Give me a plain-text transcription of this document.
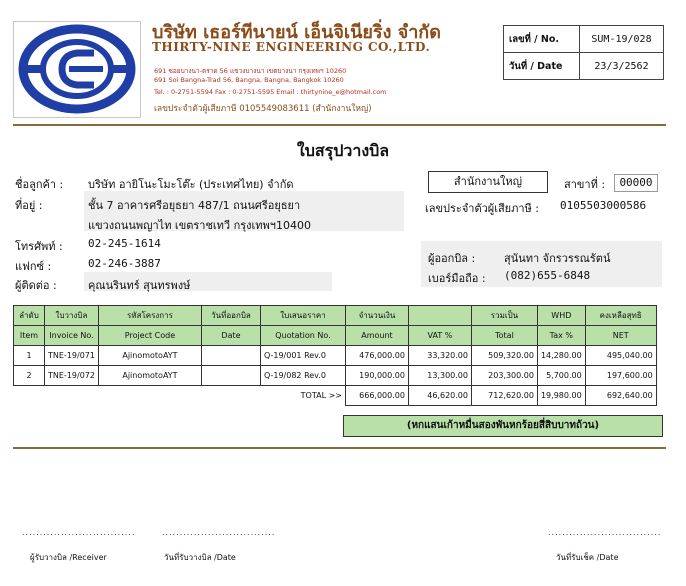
บริษัท เธอร์ทีนายน์ เอ็นจิเนียริ่ง จำกัด
THIRTY-NINE ENGINEERING CO.,LTD.
691 ซอยบางนา-ตราด 56 แขวงบางนา เขตบางนา กรุงเทพฯ 10260
691 Soi Bangna-Trad 56, Bangna, Bangna, Bangkok 10260
Tel. : 0-2751-5594 Fax : 0-2751-5595 Email : thirtynine_e@hotmail.com
เลขประจำตัวผู้เสียภาษี 0105549083611 (สำนักงานใหญ่)
เลขที่ / No.	SUM-19/028
วันที่ / Date	23/3/2562
ใบสรุปวางบิล
ชื่อลูกค้า : บริษัท อายิโนะโมะโต๊ะ (ประเทศไทย) จำกัด
ที่อยู่ :	ชั้น 7 อาคารศรีอยุธยา 487/1 ถนนศรีอยุธยา
แขวงถนนพญาไท เขตราชเทวี กรุงเทพฯ10400
โทรศัพท์ : 02-245-1614
แฟกซ์ :	02-246-3887
ผู้ติดต่อ :	คุณนรินทร์ สุนทรพงษ์
สำนักงานใหญ่	สาขาที่ :	00000
เลขประจำตัวผู้เสียภาษี : 0105503000586
ผู้ออกบิล :	สุนันทา จักรวรรณรัตน์
เบอร์มือถือ : (082)655-6848
ลำดับ	ใบวางบิล	รหัสโครงการ	วันที่ออกบิล	ใบเสนอราคา	จำนวนเงิน		รวมเป็น	WHD	คงเหลือสุทธิ
Item	Invoice No.	Project Code	Date	Quotation No.	Amount	VAT %	Total	Tax %	NET
1	TNE-19/071	AjinomotoAYT		Q-19/001 Rev.0	476,000.00	33,320.00	509,320.00	14,280.00	495,040.00
2	TNE-19/072	AjinomotoAYT		Q-19/082 Rev.0	190,000.00	13,300.00	203,300.00	5,700.00	197,600.00
				TOTAL >>	666,000.00	46,620.00	712,620.00	19,980.00	692,640.00
(หกแสนเก้าหมื่นสองพันหกร้อยสี่สิบบาทถ้วน)
................................
ผู้รับวางบิล /Receiver
................................
วันที่รับวางบิล /Date
................................
วันที่รับเช็ค /Date
